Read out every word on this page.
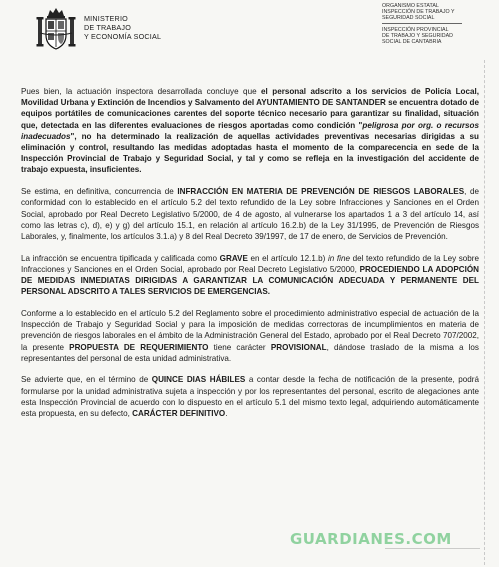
MINISTERIO
DE TRABAJO
Y ECONOMÍA SOCIAL
ORGANISMO ESTATAL
INSPECCIÓN DE TRABAJO Y
SEGURIDAD SOCIAL
INSPECCIÓN PROVINCIAL
DE TRABAJO Y SEGURIDAD
SOCIAL DE CANTABRIA

Pues bien, la actuación inspectora desarrollada concluye que el personal adscrito a los servicios de Policía Local, Movilidad Urbana y Extinción de Incendios y Salvamento del AYUNTAMIENTO DE SANTANDER se encuentra dotado de equipos portátiles de comunicaciones carentes del soporte técnico necesario para garantizar su finalidad, situación que, detectada en las diferentes evaluaciones de riesgos aportadas como condición "peligrosa por org. o recursos inadecuados", no ha determinado la realización de aquellas actividades preventivas necesarias dirigidas a su eliminación y control, resultando las medidas adoptadas hasta el momento de la comparecencia en sede de la Inspección Provincial de Trabajo y Seguridad Social, y tal y como se refleja en la investigación del accidente de trabajo expuesta, insuficientes.

Se estima, en definitiva, concurrencia de INFRACCIÓN EN MATERIA DE PREVENCIÓN DE RIESGOS LABORALES, de conformidad con lo establecido en el artículo 5.2 del texto refundido de la Ley sobre Infracciones y Sanciones en el Orden Social, aprobado por Real Decreto Legislativo 5/2000, de 4 de agosto, al vulnerarse los apartados 1 a 3 del artículo 14, así como las letras c), d), e) y g) del artículo 15.1, en relación al artículo 16.2.b) de la Ley 31/1995, de Prevención de Riesgos Laborales, y, finalmente, los artículos 3.1.a) y 8 del Real Decreto 39/1997, de 17 de enero, de Servicios de Prevención.

La infracción se encuentra tipificada y calificada como GRAVE en el artículo 12.1.b) in fine del texto refundido de la Ley sobre Infracciones y Sanciones en el Orden Social, aprobado por Real Decreto Legislativo 5/2000, PROCEDIENDO LA ADOPCIÓN DE MEDIDAS INMEDIATAS DIRIGIDAS A GARANTIZAR LA COMUNICACIÓN ADECUADA Y PERMANENTE DEL PERSONAL ADSCRITO A TALES SERVICIOS DE EMERGENCIAS.

Conforme a lo establecido en el artículo 5.2 del Reglamento sobre el procedimiento administrativo especial de actuación de la Inspección de Trabajo y Seguridad Social y para la imposición de medidas correctoras de incumplimientos en materia de prevención de riesgos laborales en el ámbito de la Administración General del Estado, aprobado por el Real Decreto 707/2002, la presente PROPUESTA DE REQUERIMIENTO tiene carácter PROVISIONAL, dándose traslado de la misma a los representantes del personal de esta unidad administrativa.

Se advierte que, en el término de QUINCE DIAS HÁBILES a contar desde la fecha de notificación de la presente, podrá formularse por la unidad administrativa sujeta a inspección y por los representantes del personal, escrito de alegaciones ante esta Inspección Provincial de acuerdo con lo dispuesto en el artículo 5.1 del mismo texto legal, adquiriendo automáticamente esta propuesta, en su defecto, CARÁCTER DEFINITIVO.

GUARDIANES.COM
